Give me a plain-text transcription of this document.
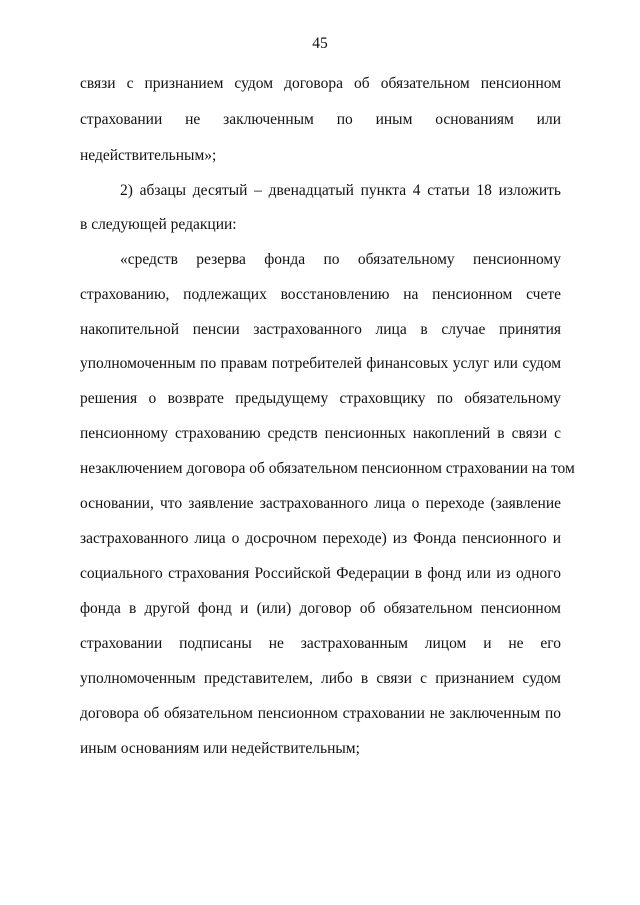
45
связи с признанием судом договора об обязательном пенсионном
страховании не заключенным по иным основаниям или
недействительным»;
2) абзацы десятый – двенадцатый пункта 4 статьи 18 изложить
в следующей редакции:
«средств резерва фонда по обязательному пенсионному
страхованию, подлежащих восстановлению на пенсионном счете
накопительной пенсии застрахованного лица в случае принятия
уполномоченным по правам потребителей финансовых услуг или судом
решения о возврате предыдущему страховщику по обязательному
пенсионному страхованию средств пенсионных накоплений в связи с
незаключением договора об обязательном пенсионном страховании на том
основании, что заявление застрахованного лица о переходе (заявление
застрахованного лица о досрочном переходе) из Фонда пенсионного и
социального страхования Российской Федерации в фонд или из одного
фонда в другой фонд и (или) договор об обязательном пенсионном
страховании подписаны не застрахованным лицом и не его
уполномоченным представителем, либо в связи с признанием судом
договора об обязательном пенсионном страховании не заключенным по
иным основаниям или недействительным;
